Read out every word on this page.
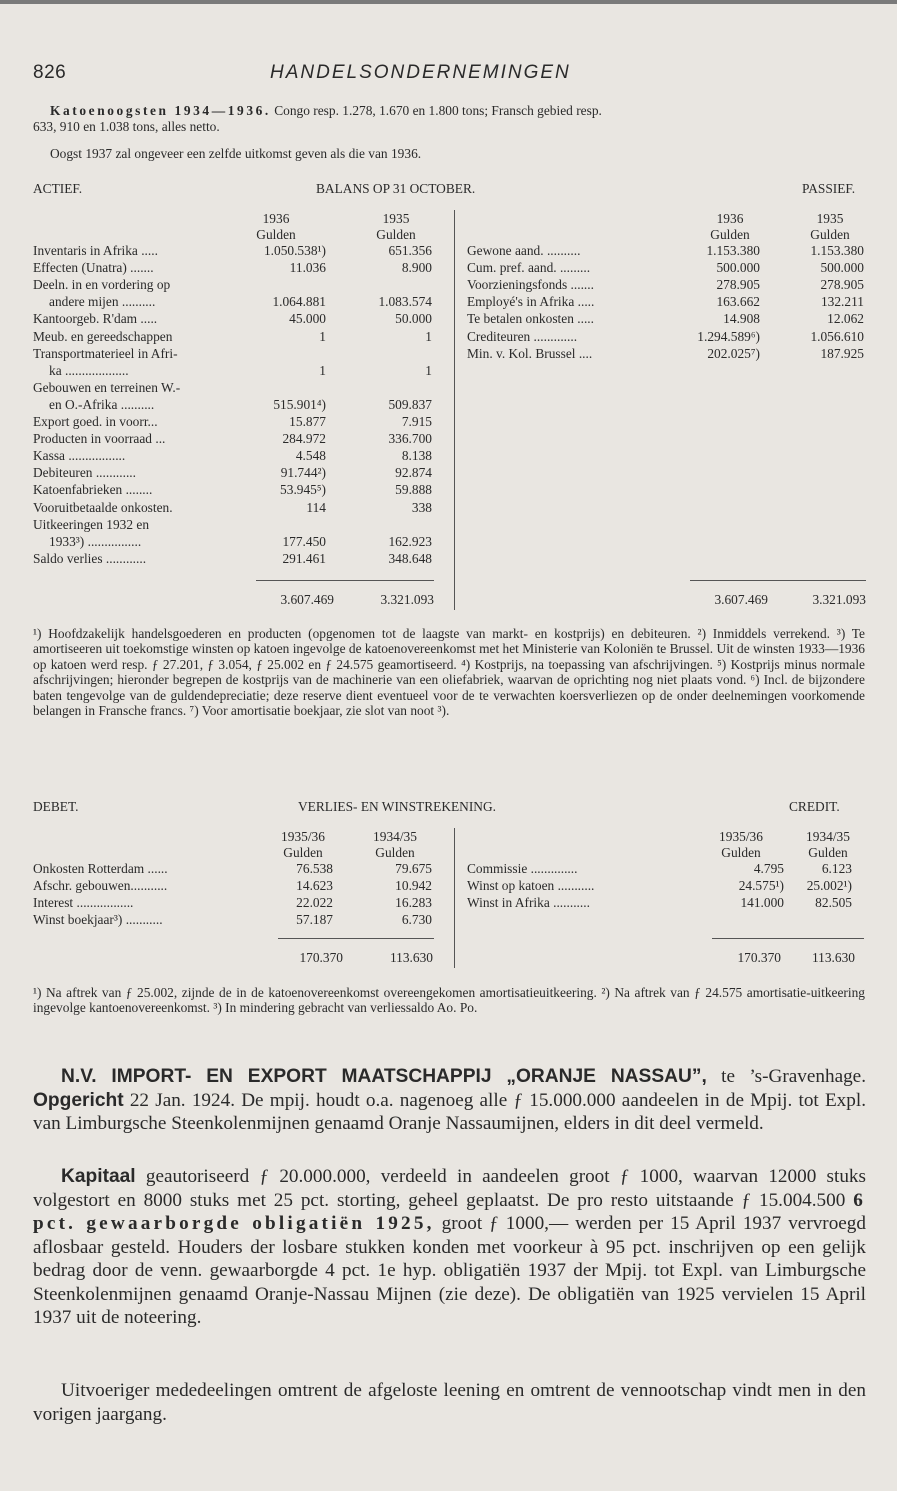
826	HANDELSONDERNEMINGEN
Katoenoogsten 1934—1936. Congo resp. 1.278, 1.670 en 1.800 tons; Fransch gebied resp.
633, 910 en 1.038 tons, alles netto.
Oogst 1937 zal ongeveer een zelfde uitkomst geven als die van 1936.
ACTIEF.	BALANS OP 31 OCTOBER.	PASSIEF.
1936	1935
Gulden	Gulden
1936	1935
Gulden	Gulden
Inventaris in Afrika .....	1.050.538¹)	651.356
Effecten (Unatra) .......	11.036	8.900
Deeln. in en vordering op
andere mijen ..........	1.064.881	1.083.574
Kantoorgeb. R'dam .....	45.000	50.000
Meub. en gereedschappen	1	1
Transportmaterieel in Afri-
ka ...................	1	1
Gebouwen en terreinen W.-
en O.-Afrika ..........	515.901⁴)	509.837
Export goed. in voorr...	15.877	7.915
Producten in voorraad ...	284.972	336.700
Kassa .................	4.548	8.138
Debiteuren ............	91.744²)	92.874
Katoenfabrieken ........	53.945⁵)	59.888
Vooruitbetaalde onkosten.	114	338
Uitkeeringen 1932 en
1933³) ................	177.450	162.923
Saldo verlies ............	291.461	348.648
Gewone aand. ..........	1.153.380	1.153.380
Cum. pref. aand. .........	500.000	500.000
Voorzieningsfonds .......	278.905	278.905
Employé's in Afrika .....	163.662	132.211
Te betalen onkosten .....	14.908	12.062
Crediteuren .............	1.294.589⁶)	1.056.610
Min. v. Kol. Brussel ....	202.025⁷)	187.925
3.607.469	3.321.093	3.607.469	3.321.093
¹) Hoofdzakelijk handelsgoederen en producten (opgenomen tot de laagste van markt- en kostprijs) en debiteuren. ²) Inmiddels verrekend. ³) Te amortiseeren uit toekomstige winsten op katoen ingevolge de katoenovereenkomst met het Ministerie van Koloniën te Brussel. Uit de winsten 1933—1936 op katoen werd resp. ƒ 27.201, ƒ 3.054, ƒ 25.002 en ƒ 24.575 geamortiseerd. ⁴) Kostprijs, na toepassing van afschrijvingen. ⁵) Kostprijs minus normale afschrijvingen; hieronder begrepen de kostprijs van de machinerie van een oliefabriek, waarvan de oprichting nog niet plaats vond. ⁶) Incl. de bijzondere baten tengevolge van de guldendepreciatie; deze reserve dient eventueel voor de te verwachten koersverliezen op de onder deelnemingen voorkomende belangen in Fransche francs. ⁷) Voor amortisatie boekjaar, zie slot van noot ³).
DEBET.	VERLIES- EN WINSTREKENING.	CREDIT.
1935/36	1934/35
Gulden	Gulden
1935/36	1934/35
Gulden	Gulden
Onkosten Rotterdam ......	76.538	79.675
Afschr. gebouwen...........	14.623	10.942
Interest .................	22.022	16.283
Winst boekjaar³) ...........	57.187	6.730
Commissie ..............	4.795	6.123
Winst op katoen ...........	24.575¹)	25.002¹)
Winst in Afrika ...........	141.000	82.505
170.370	113.630	170.370	113.630
¹) Na aftrek van ƒ 25.002, zijnde de in de katoenovereenkomst overeengekomen amortisatieuitkeering. ²) Na aftrek van ƒ 24.575 amortisatie-uitkeering ingevolge kantoenovereenkomst. ³) In mindering gebracht van verliessaldo Ao. Po.
N.V. IMPORT- EN EXPORT MAATSCHAPPIJ „ORANJE NASSAU”, te ’s-Gravenhage. Opgericht 22 Jan. 1924. De mpij. houdt o.a. nagenoeg alle ƒ 15.000.000 aandeelen in de Mpij. tot Expl. van Limburgsche Steenkolenmijnen genaamd Oranje Nassaumijnen, elders in dit deel vermeld.
Kapitaal geautoriseerd ƒ 20.000.000, verdeeld in aandeelen groot ƒ 1000, waarvan 12000 stuks volgestort en 8000 stuks met 25 pct. storting, geheel geplaatst. De pro resto uitstaande ƒ 15.004.500 6 pct. gewaarborgde obligatiën 1925, groot ƒ 1000,— werden per 15 April 1937 vervroegd aflosbaar gesteld. Houders der losbare stukken konden met voorkeur à 95 pct. inschrijven op een gelijk bedrag door de venn. gewaarborgde 4 pct. 1e hyp. obligatiën 1937 der Mpij. tot Expl. van Limburgsche Steenkolenmijnen genaamd Oranje-Nassau Mijnen (zie deze). De obligatiën van 1925 vervielen 15 April 1937 uit de noteering.
Uitvoeriger mededeelingen omtrent de afgeloste leening en omtrent de vennootschap vindt men in den vorigen jaargang.
